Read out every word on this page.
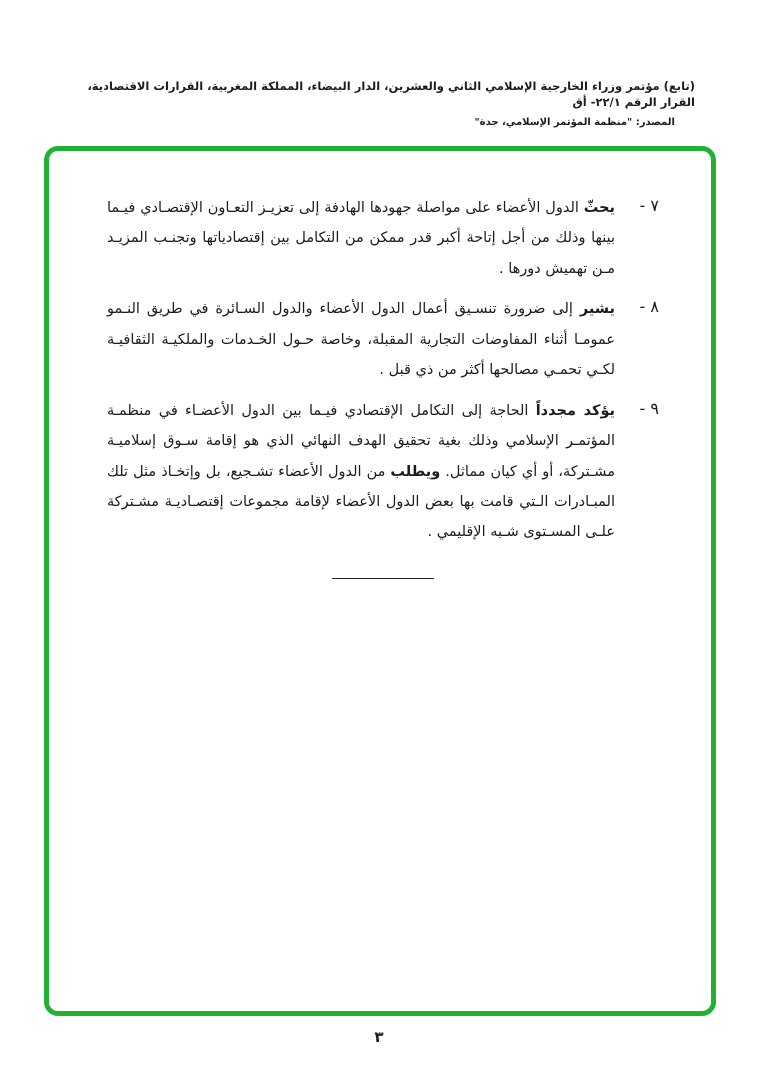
(تابع) مؤتمر وزراء الخارجية الإسلامي الثاني والعشرين، الدار البيضاء، المملكة المغربية، القرارات الاقتصادية، القرار الرقم ٢٢/١- أق
المصدر: "منظمة المؤتمر الإسلامي، جدة"
٧ -
يحثّ الدول الأعضاء على مواصلة جهودها الهادفة إلى تعزيـز التعـاون الإقتصـادي فيـما بينها وذلك من أجل إتاحة أكبر قدر ممكن من التكامل بين إقتصادياتها وتجنـب المزيـد مـن تهميش دورها .
٨ -
يشير إلى ضرورة تنسـيق أعمال الدول الأعضاء والدول السـائرة في طريق النـمو عمومـا أثناء المفاوضات التجارية المقبلة، وخاصة حـول الخـدمات والملكيـة الثقافيـة لكـي تحمـي مصالحها أكثر من ذي قبل .
٩ -
يؤكد مجدداً الحاجة إلى التكامل الإقتصادي فيـما بين الدول الأعضـاء في منظمـة المؤتمـر الإسلامي وذلك بغية تحقيق الهدف النهائي الذي هو إقامة سـوق إسلاميـة مشـتركة، أو أي كيان مماثل. ويطلب من الدول الأعضاء تشـجيع، بل وإتخـاذ مثل تلك المبـادرات الـتي قامت بها بعض الدول الأعضاء لإقامة مجموعات إقتصـاديـة مشـتركة علـى المسـتوى شـبه الإقليمي .
٣
